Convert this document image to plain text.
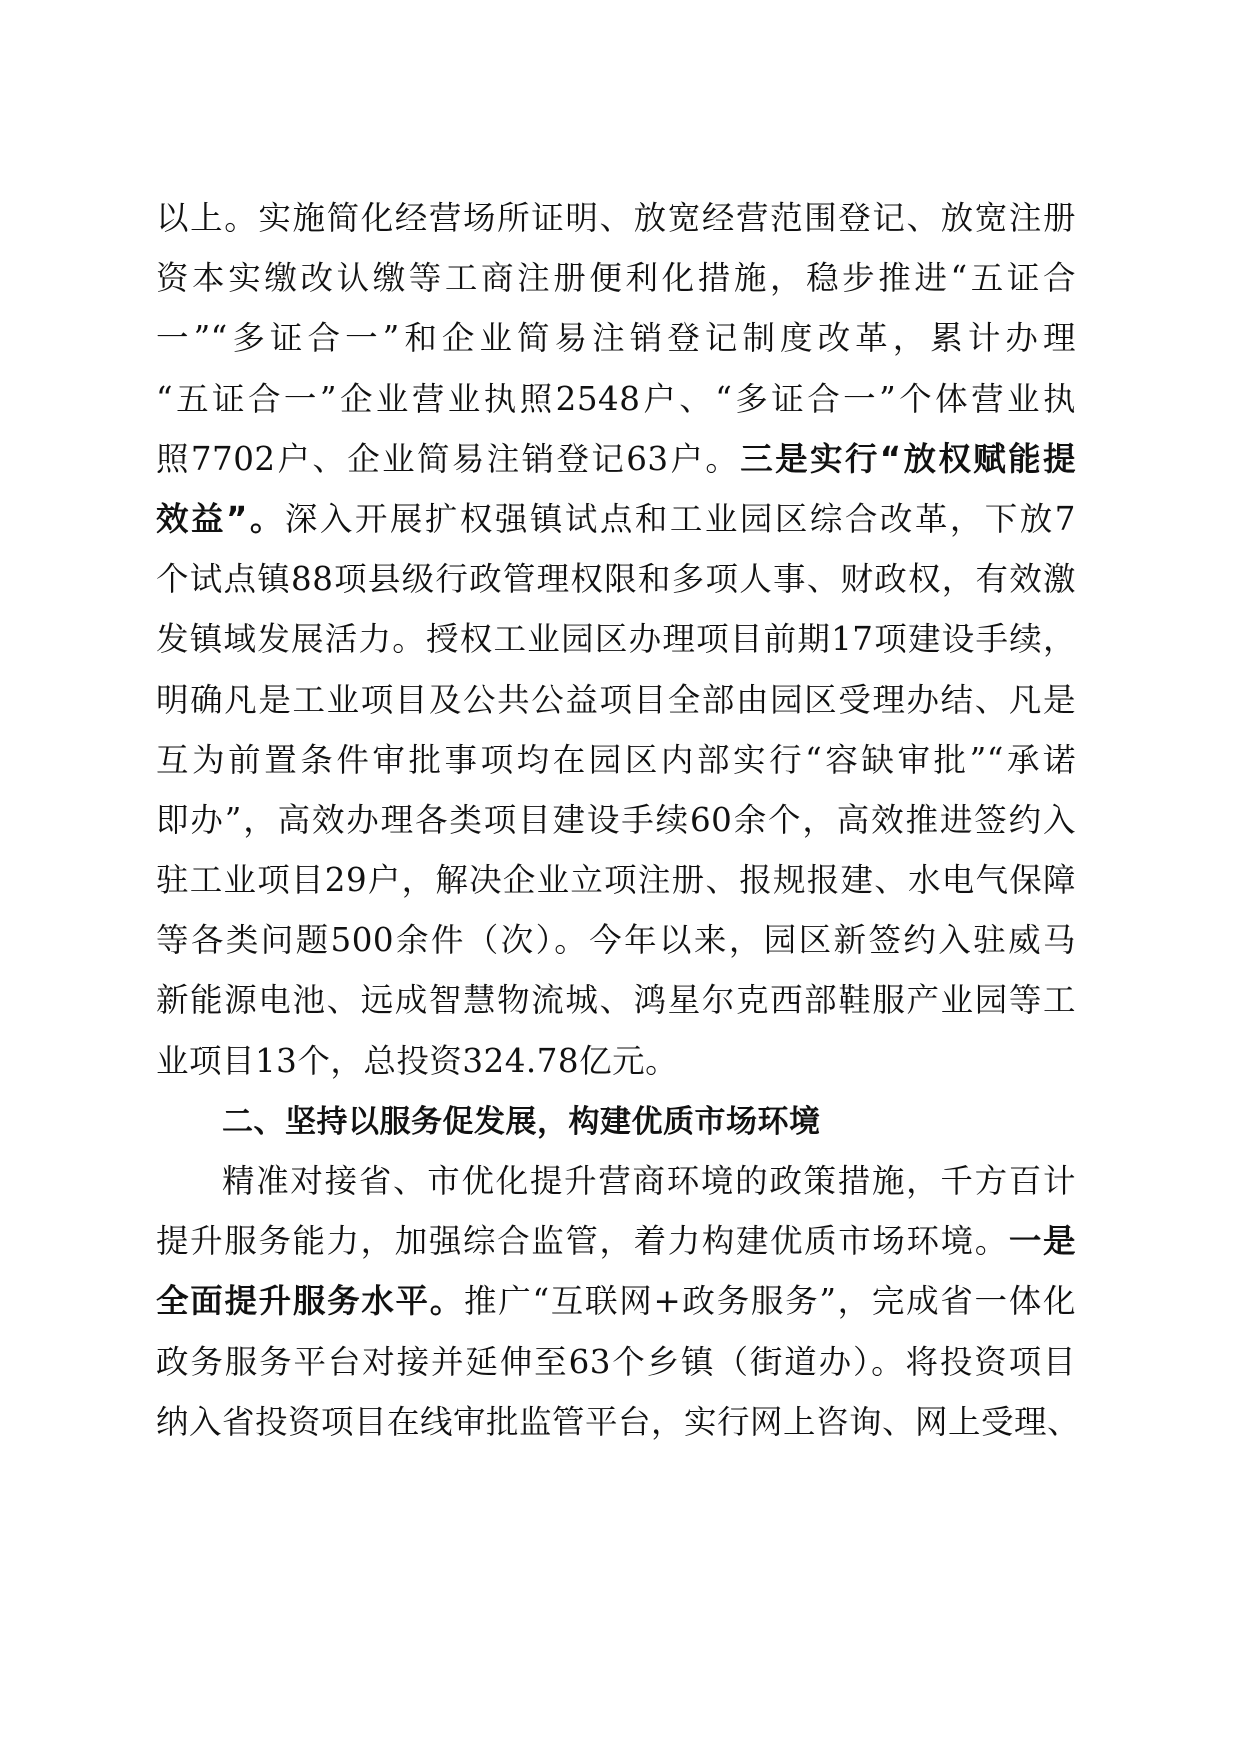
以上。实施简化经营场所证明、放宽经营范围登记、放宽注册
资本实缴改认缴等工商注册便利化措施，稳步推进“五证合
一”“多证合一”和企业简易注销登记制度改革，累计办理
“五证合一”企业营业执照2548户、“多证合一”个体营业执
照7702户、企业简易注销登记63户。三是实行“放权赋能提
效益”。深入开展扩权强镇试点和工业园区综合改革，下放7
个试点镇88项县级行政管理权限和多项人事、财政权，有效激
发镇域发展活力。授权工业园区办理项目前期17项建设手续，
明确凡是工业项目及公共公益项目全部由园区受理办结、凡是
互为前置条件审批事项均在园区内部实行“容缺审批”“承诺
即办”，高效办理各类项目建设手续60余个，高效推进签约入
驻工业项目29户，解决企业立项注册、报规报建、水电气保障
等各类问题500余件（次）。今年以来，园区新签约入驻威马
新能源电池、远成智慧物流城、鸿星尔克西部鞋服产业园等工
业项目13个，总投资324.78亿元。
二、坚持以服务促发展，构建优质市场环境
精准对接省、市优化提升营商环境的政策措施，千方百计
提升服务能力，加强综合监管，着力构建优质市场环境。一是
全面提升服务水平。推广“互联网+政务服务”，完成省一体化
政务服务平台对接并延伸至63个乡镇（街道办）。将投资项目
纳入省投资项目在线审批监管平台，实行网上咨询、网上受理、
